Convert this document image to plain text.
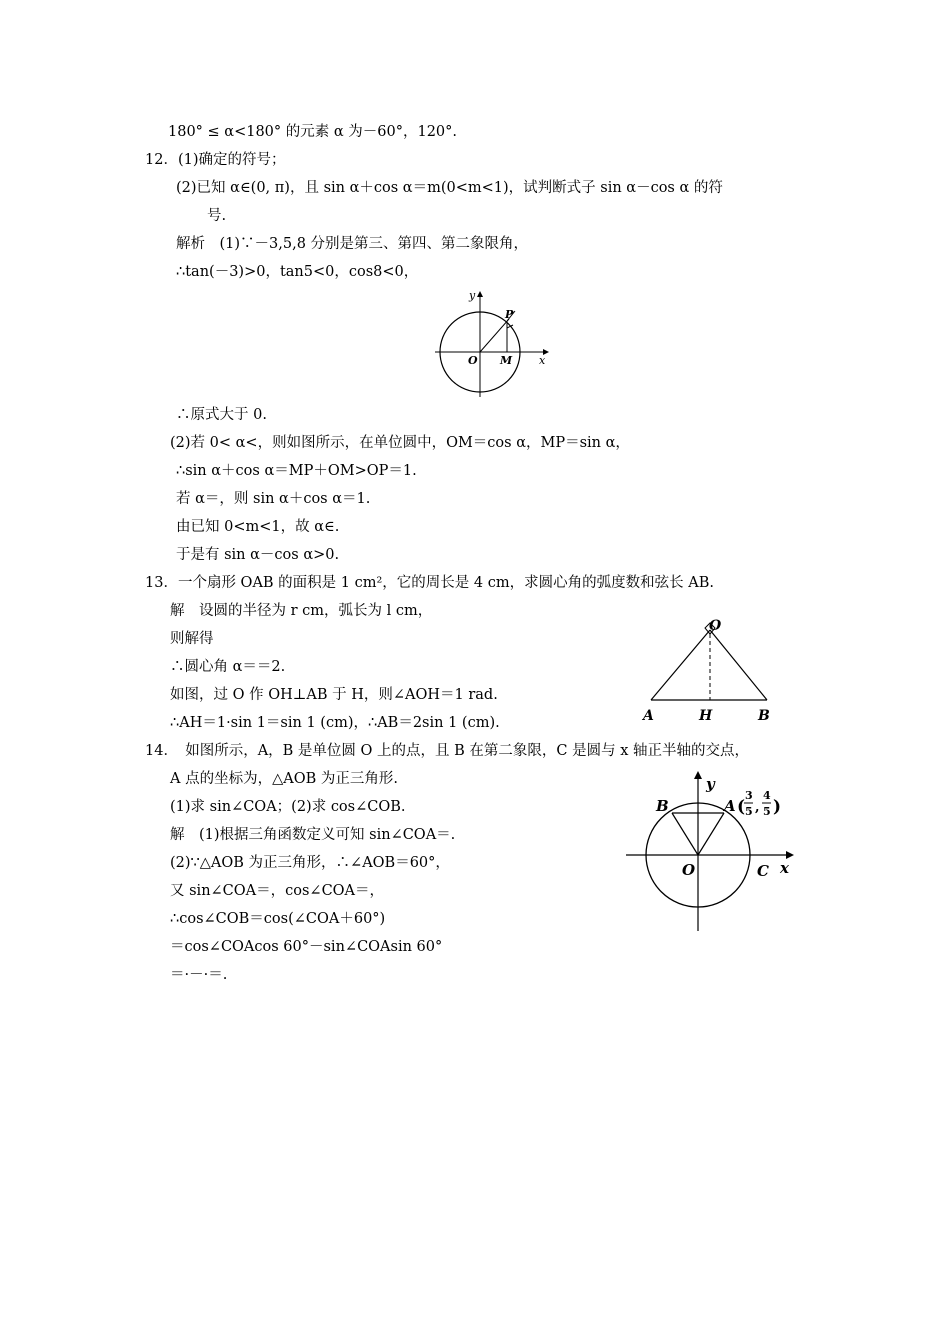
180° ≤ α<180° 的元素 α 为－60°，120°.
12．(1)确定的符号；
(2)已知 α∈(0, π)，且 sin α＋cos α＝m(0<m<1)，试判断式子 sin α－cos α 的符
号.
解析　(1)∵－3,5,8 分别是第三、第四、第二象限角，
∴tan(－3)>0，tan5<0，cos8<0，
y
x
O M
P
∴原式大于 0.
(2)若 0< α<，则如图所示，在单位圆中，OM＝cos α，MP＝sin α，
∴sin α＋cos α＝MP＋OM>OP＝1.
若 α＝，则 sin α＋cos α＝1.
由已知 0<m<1，故 α∈.
于是有 sin α－cos α>0.
13．一个扇形 OAB 的面积是 1 cm²，它的周长是 4 cm，求圆心角的弧度数和弦长 AB.
解　设圆的半径为 r cm，弧长为 l cm，
则解得
∴圆心角 α＝＝2.
如图，过 O 作 OH⊥AB 于 H，则∠AOH＝1 rad.
∴AH＝1·sin 1＝sin 1 (cm)，∴AB＝2sin 1 (cm).
O
A	H	B
14．　如图所示，A，B 是单位圆 O 上的点，且 B 在第二象限，C 是圆与 x 轴正半轴的交点，
A 点的坐标为，△AOB 为正三角形.
(1)求 sin∠COA；(2)求 cos∠COB.
解　(1)根据三角函数定义可知 sin∠COA＝.
(2)∵△AOB 为正三角形，∴∠AOB＝60°，
又 sin∠COA＝，cos∠COA＝，
∴cos∠COB＝cos(∠COA＋60°)
＝cos∠COAcos 60°－sin∠COAsin 60°
＝·－·＝.
y
x
O	C
B	A (
3
5 ,
4
5 )
